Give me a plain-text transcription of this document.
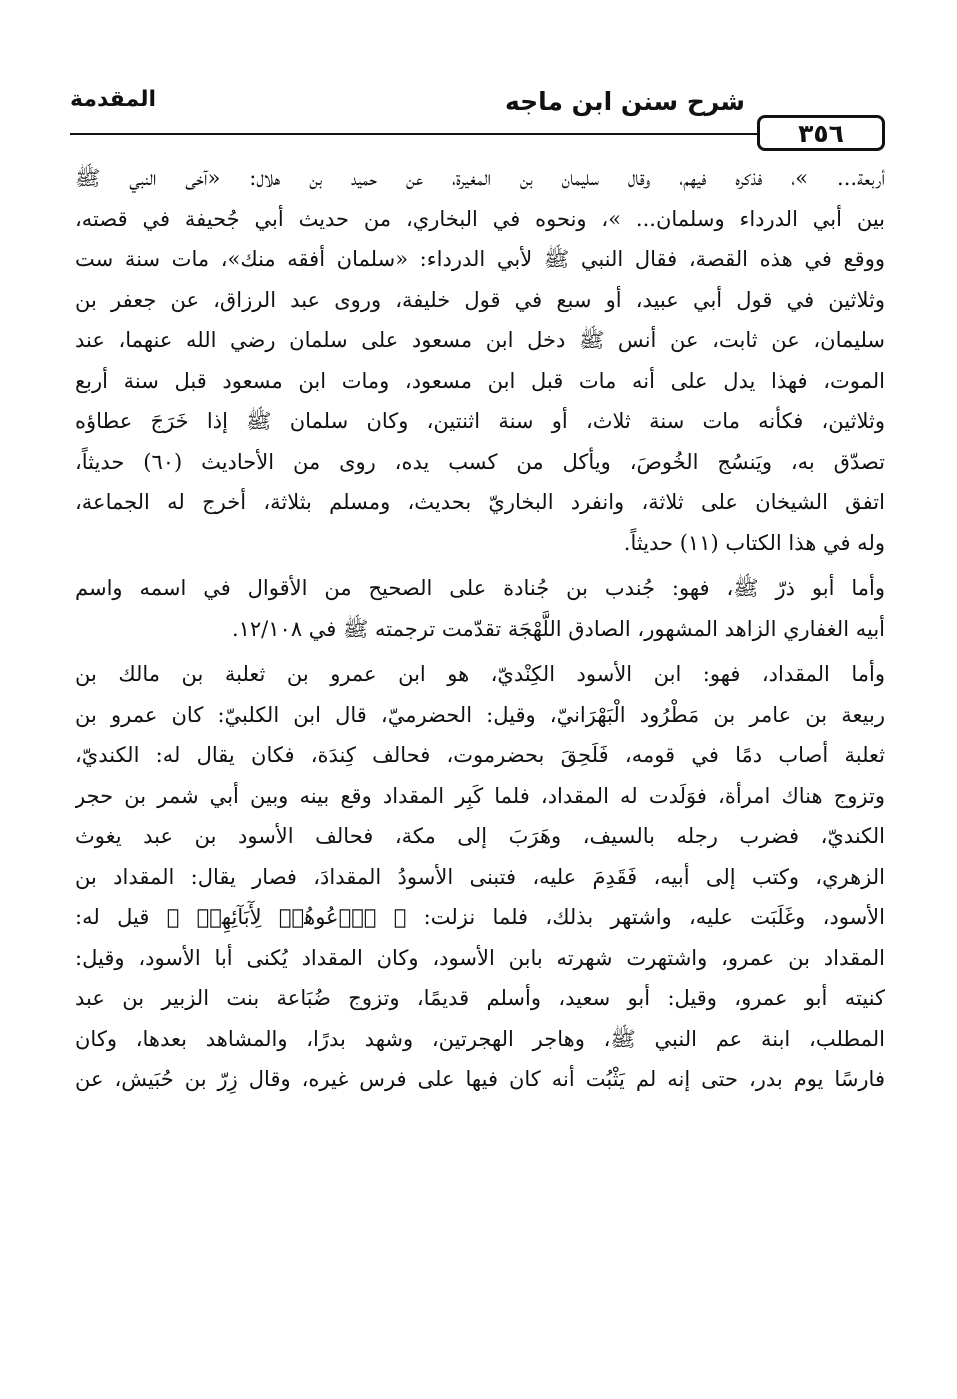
٣٥٦
شرح سنن ابن ماجه
المقدمة
أربعة... »، فذكره فيهم، وقال سليمان بن المغيرة، عن حميد بن هلال: «آخى النبي ﷺ
بين أبي الدرداء وسلمان... »، ونحوه في البخاري، من حديث أبي جُحيفة في قصته،
ووقع في هذه القصة، فقال النبي ﷺ لأبي الدرداء: «سلمان أفقه منك»، مات سنة ست
وثلاثين في قول أبي عبيد، أو سبع في قول خليفة، وروى عبد الرزاق، عن جعفر بن
سليمان، عن ثابت، عن أنس ﷺ دخل ابن مسعود على سلمان رضي الله عنهما، عند
الموت، فهذا يدل على أنه مات قبل ابن مسعود، ومات ابن مسعود قبل سنة أربع
وثلاثين، فكأنه مات سنة ثلاث، أو سنة اثنتين، وكان سلمان ﷺ إذا خَرَجَ عطاؤه
تصدّق به، ويَنسُج الخُوصَ، ويأكل من كسب يده، روى من الأحاديث (٦٠) حديثاً،
اتفق الشيخان على ثلاثة، وانفرد البخاريّ بحديث، ومسلم بثلاثة، أخرج له الجماعة،
وله في هذا الكتاب (١١) حديثاً.
وأما أبو ذرّ ﷺ، فهو: جُندب بن جُنادة على الصحيح من الأقوال في اسمه واسم
أبيه الغفاري الزاهد المشهور، الصادق اللَّهْجَة تقدّمت ترجمته ﷺ في ١٢/١٠٨.
وأما المقداد، فهو: ابن الأسود الكِنْديّ، هو ابن عمرو بن ثعلبة بن مالك بن
ربيعة بن عامر بن مَطْرُود الْبَهْرَانيّ، وقيل: الحضرميّ، قال ابن الكلبيّ: كان عمرو بن
ثعلبة أصاب دمًا في قومه، فَلَحِقَ بحضرموت، فحالف كِندَة، فكان يقال له: الكنديّ،
وتزوج هناك امرأة، فوَلَدت له المقداد، فلما كَبِر المقداد وقع بينه وبين أبي شمر بن حجر
الكنديّ، فضرب رجله بالسيف، وهَرَبَ إلى مكة، فحالف الأسود بن عبد يغوث
الزهري، وكتب إلى أبيه، فَقَدِمَ عليه، فتبنى الأسودُ المقدادَ، فصار يقال: المقداد بن
الأسود، وغَلَبَت عليه، واشتهر بذلك، فلما نزلت: ﴿ ٱدۡعُوهُمۡ لِأٓبَآئِهِمۡ ﴾ قيل له:
المقداد بن عمرو، واشتهرت شهرته بابن الأسود، وكان المقداد يُكنى أبا الأسود، وقيل:
كنيته أبو عمرو، وقيل: أبو سعيد، وأسلم قديمًا، وتزوج ضُبَاعة بنت الزبير بن عبد
المطلب، ابنة عم النبي ﷺ، وهاجر الهجرتين، وشهد بدرًا، والمشاهد بعدها، وكان
فارسًا يوم بدر، حتى إنه لم يَثْبُت أنه كان فيها على فرس غيره، وقال زِرّ بن حُبَيش، عن
